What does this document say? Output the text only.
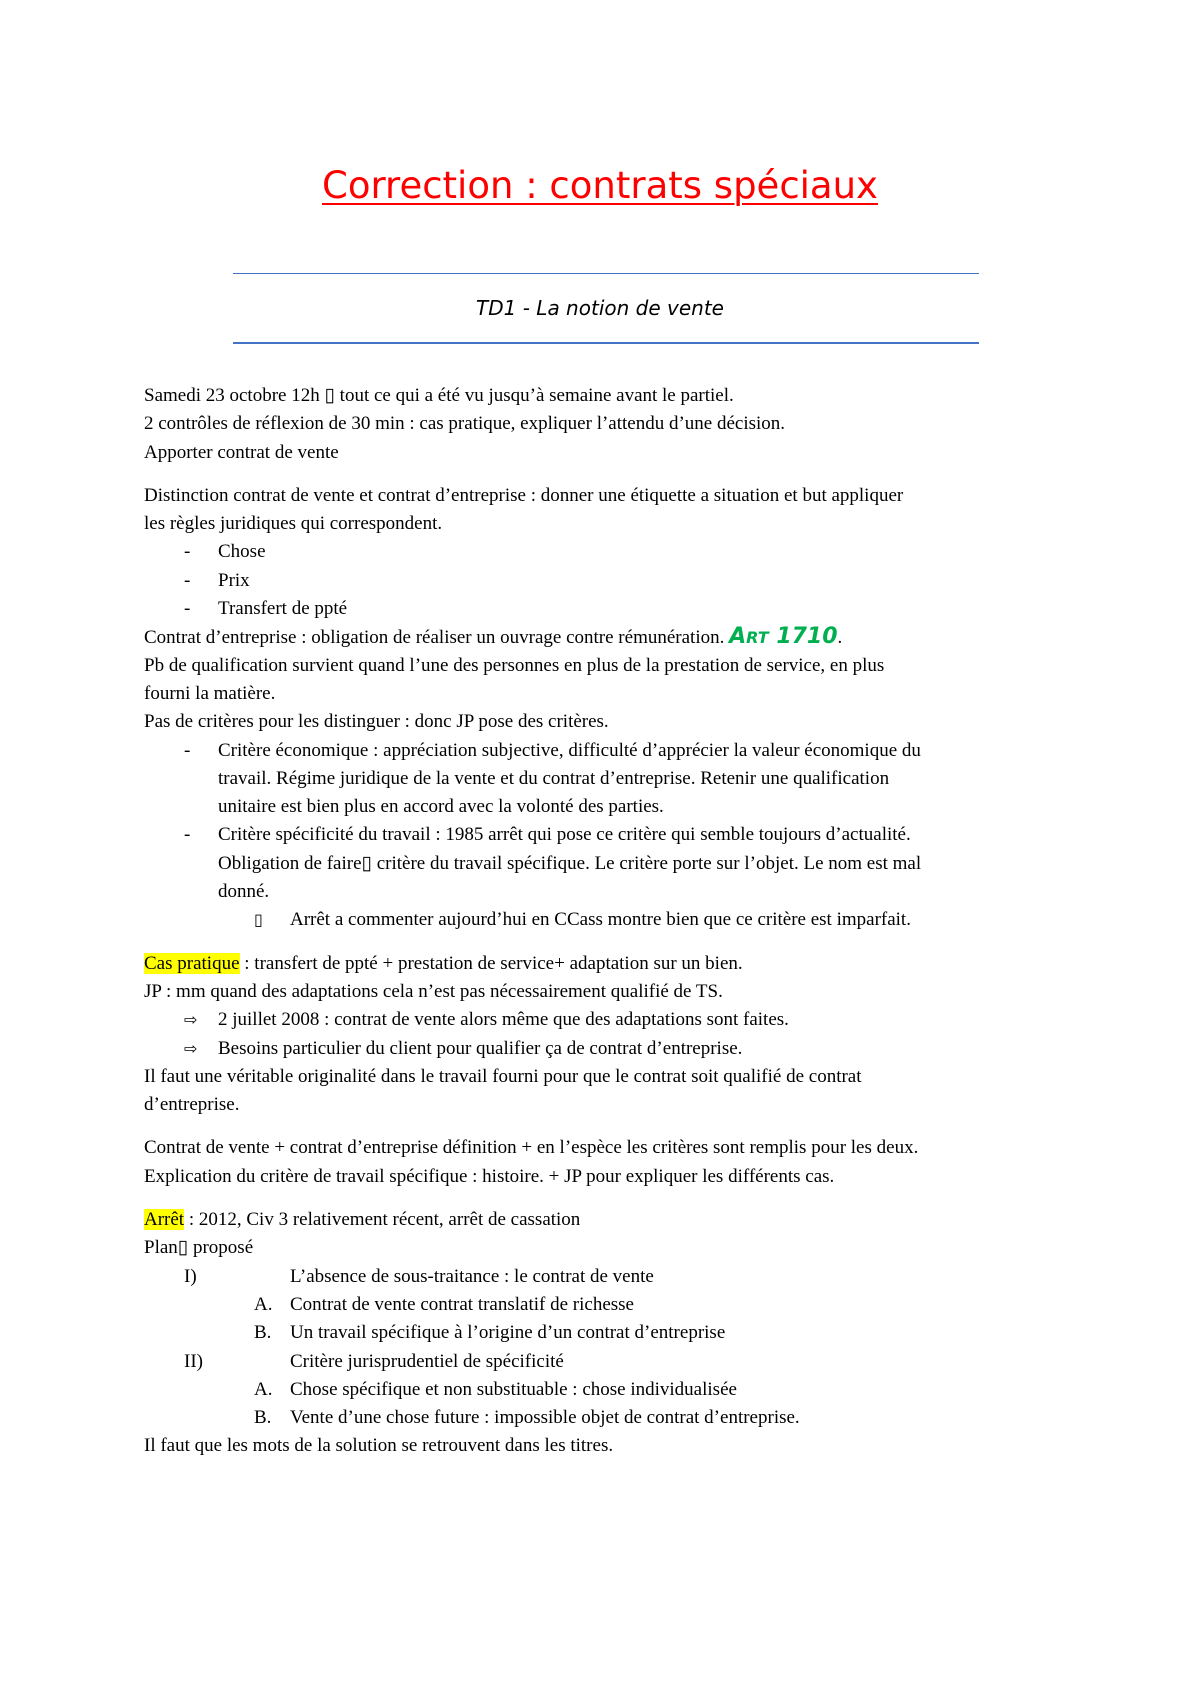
Correction : contrats spéciaux
TD1 - La notion de vente
Samedi 23 octobre 12h ▯ tout ce qui a été vu jusqu’à semaine avant le partiel.
2 contrôles de réflexion de 30 min : cas pratique, expliquer l’attendu d’une décision.
Apporter contrat de vente
Distinction contrat de vente et contrat d’entreprise : donner une étiquette a situation et but appliquer
les règles juridiques qui correspondent.
- Chose
- Prix
- Transfert de ppté
Contrat d’entreprise : obligation de réaliser un ouvrage contre rémunération. ART 1710.
Pb de qualification survient quand l’une des personnes en plus de la prestation de service, en plus
fourni la matière.
Pas de critères pour les distinguer : donc JP pose des critères.
- Critère économique : appréciation subjective, difficulté d’apprécier la valeur économique du
travail. Régime juridique de la vente et du contrat d’entreprise. Retenir une qualification
unitaire est bien plus en accord avec la volonté des parties.
- Critère spécificité du travail : 1985 arrêt qui pose ce critère qui semble toujours d’actualité.
Obligation de faire▯ critère du travail spécifique. Le critère porte sur l’objet. Le nom est mal
donné.
▯ Arrêt a commenter aujourd’hui en CCass montre bien que ce critère est imparfait.
Cas pratique : transfert de ppté + prestation de service+ adaptation sur un bien.
JP : mm quand des adaptations cela n’est pas nécessairement qualifié de TS.
⇨ 2 juillet 2008 : contrat de vente alors même que des adaptations sont faites.
⇨ Besoins particulier du client pour qualifier ça de contrat d’entreprise.
Il faut une véritable originalité dans le travail fourni pour que le contrat soit qualifié de contrat
d’entreprise.
Contrat de vente + contrat d’entreprise définition + en l’espèce les critères sont remplis pour les deux.
Explication du critère de travail spécifique : histoire. + JP pour expliquer les différents cas.
Arrêt : 2012, Civ 3 relativement récent, arrêt de cassation
Plan▯ proposé
I)	L’absence de sous-traitance : le contrat de vente
A. Contrat de vente contrat translatif de richesse
B. Un travail spécifique à l’origine d’un contrat d’entreprise
II)	Critère jurisprudentiel de spécificité
A. Chose spécifique et non substituable : chose individualisée
B. Vente d’une chose future : impossible objet de contrat d’entreprise.
Il faut que les mots de la solution se retrouvent dans les titres.
